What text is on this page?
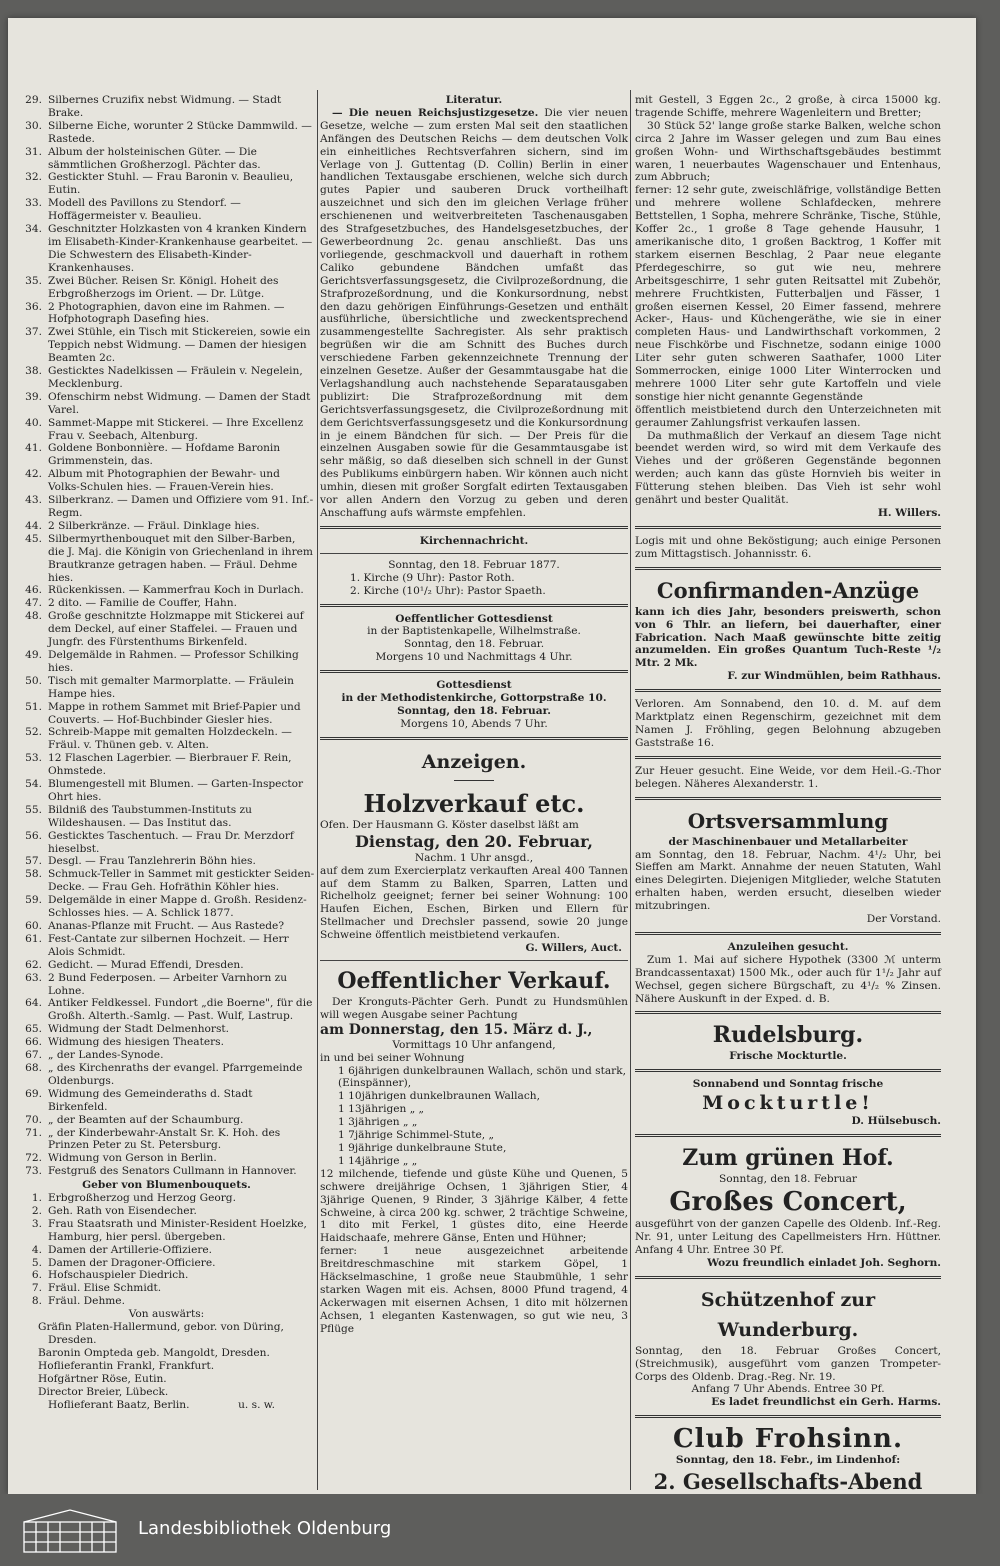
29. Silbernes Cruzifix nebst Widmung. — Stadt Brake.
30. Silberne Eiche, worunter 2 Stücke Dammwild. — Rastede.
31. Album der holsteinischen Güter. — Die sämmtlichen Großherzogl. Pächter das.
32. Gestickter Stuhl. — Frau Baronin v. Beaulieu, Eutin.
33. Modell des Pavillons zu Stendorf. — Hoffägermeister v. Beaulieu.
34. Geschnitzter Holzkasten von 4 kranken Kindern im Elisabeth-Kinder-Krankenhause gearbeitet. — Die Schwestern des Elisabeth-Kinder-Krankenhauses.
35. Zwei Bücher. Reisen Sr. Königl. Hoheit des Erbgroßherzogs im Orient. — Dr. Lütge.
36. 2 Photographien, davon eine im Rahmen. — Hofphotograph Dasefing hies.
37. Zwei Stühle, ein Tisch mit Stickereien, sowie ein Teppich nebst Widmung. — Damen der hiesigen Beamten 2c.
38. Gesticktes Nadelkissen — Fräulein v. Negelein, Mecklenburg.
39. Ofenschirm nebst Widmung. — Damen der Stadt Varel.
40. Sammet-Mappe mit Stickerei. — Ihre Excellenz Frau v. Seebach, Altenburg.
41. Goldene Bonbonnière. — Hofdame Baronin Grimmenstein, das.
42. Album mit Photographien der Bewahr- und Volks-Schulen hies. — Frauen-Verein hies.
43. Silberkranz. — Damen und Offiziere vom 91. Inf.-Regm.
44. 2 Silberkränze. — Fräul. Dinklage hies.
45. Silbermyrthenbouquet mit den Silber-Barben, die J. Maj. die Königin von Griechenland in ihrem Brautkranze getragen haben. — Fräul. Dehme hies.
46. Rückenkissen. — Kammerfrau Koch in Durlach.
47. 2 dito. — Familie de Couffer, Hahn.
48. Große geschnitzte Holzmappe mit Stickerei auf dem Deckel, auf einer Staffelei. — Frauen und Jungfr. des Fürstenthums Birkenfeld.
49. Delgemälde in Rahmen. — Professor Schilking hies.
50. Tisch mit gemalter Marmorplatte. — Fräulein Hampe hies.
51. Mappe in rothem Sammet mit Brief-Papier und Couverts. — Hof-Buchbinder Giesler hies.
52. Schreib-Mappe mit gemalten Holzdeckeln. — Fräul. v. Thünen geb. v. Alten.
53. 12 Flaschen Lagerbier. — Bierbrauer F. Rein, Ohmstede.
54. Blumengestell mit Blumen. — Garten-Inspector Ohrt hies.
55. Bildniß des Taubstummen-Instituts zu Wildeshausen. — Das Institut das.
56. Gesticktes Taschentuch. — Frau Dr. Merzdorf hieselbst.
57. Desgl. — Frau Tanzlehrerin Böhn hies.
58. Schmuck-Teller in Sammet mit gestickter Seiden-Decke. — Frau Geh. Hofräthin Köhler hies.
59. Delgemälde in einer Mappe d. Großh. Residenz-Schlosses hies. — A. Schlick 1877.
60. Ananas-Pflanze mit Frucht. — Aus Rastede?
61. Fest-Cantate zur silbernen Hochzeit. — Herr Alois Schmidt.
62. Gedicht. — Murad Effendi, Dresden.
63. 2 Bund Federposen. — Arbeiter Varnhorn zu Lohne.
64. Antiker Feldkessel. Fundort „die Boerne", für die Großh. Alterth.-Samlg. — Past. Wulf, Lastrup.
65. Widmung der Stadt Delmenhorst.
66. Widmung des hiesigen Theaters.
67. „ der Landes-Synode.
68. „ des Kirchenraths der evangel. Pfarrgemeinde Oldenburgs.
69. Widmung des Gemeinderaths d. Stadt Birkenfeld.
70. „ der Beamten auf der Schaumburg.
71. „ der Kinderbewahr-Anstalt Sr. K. Hoh. des Prinzen Peter zu St. Petersburg.
72. Widmung von Gerson in Berlin.
73. Festgruß des Senators Cullmann in Hannover.
Geber von Blumenbouquets.
1. Erbgroßherzog und Herzog Georg.
2. Geh. Rath von Eisendecher.
3. Frau Staatsrath und Minister-Resident Hoelzke, Hamburg, hier persl. übergeben.
4. Damen der Artillerie-Offiziere.
5. Damen der Dragoner-Officiere.
6. Hofschauspieler Diedrich.
7. Fräul. Elise Schmidt.
8. Fräul. Dehme.
Von auswärts:
Gräfin Platen-Hallermund, gebor. von Düring, Dresden.
Baronin Ompteda geb. Mangoldt, Dresden.
Hoflieferantin Frankl, Frankfurt.
Hofgärtner Röse, Eutin.
Director Breier, Lübeck.
Hoflieferant Baatz, Berlin.	u. s. w.
Literatur.

— Die neuen Reichsjustizgesetze. Die vier neuen Gesetze, welche — zum ersten Mal seit den staatlichen Anfängen des Deutschen Reichs — dem deutschen Volk ein einheitliches Rechtsverfahren sichern, sind im Verlage von J. Guttentag (D. Collin) Berlin in einer handlichen Textausgabe erschienen, welche sich durch gutes Papier und sauberen Druck vortheilhaft auszeichnet und sich den im gleichen Verlage früher erschienenen und weitverbreiteten Taschenausgaben des Strafgesetzbuches, des Handelsgesetzbuches, der Gewerbeordnung 2c. genau anschließt. Das uns vorliegende, geschmackvoll und dauerhaft in rothem Caliko gebundene Bändchen umfaßt das Gerichtsverfassungsgesetz, die Civilprozeßordnung, die Strafprozeßordnung, und die Konkursordnung, nebst den dazu gehörigen Einführungs-Gesetzen und enthält ausführliche, übersichtliche und zweckentsprechend zusammengestellte Sachregister. Als sehr praktisch begrüßen wir die am Schnitt des Buches durch verschiedene Farben gekennzeichnete Trennung der einzelnen Gesetze. Außer der Gesammtausgabe hat die Verlagshandlung auch nachstehende Separatausgaben publizirt: Die Strafprozeßordnung mit dem Gerichtsverfassungsgesetz, die Civilprozeßordnung mit dem Gerichtsverfassungsgesetz und die Konkursordnung in je einem Bändchen für sich. — Der Preis für die einzelnen Ausgaben sowie für die Gesammtausgabe ist sehr mäßig, so daß dieselben sich schnell in der Gunst des Publikums einbürgern haben. Wir können auch nicht umhin, diesen mit großer Sorgfalt edirten Textausgaben vor allen Andern den Vorzug zu geben und deren Anschaffung aufs wärmste empfehlen.

Kirchennachricht.
Sonntag, den 18. Februar 1877.
1. Kirche (9 Uhr): Pastor Roth.
2. Kirche (10¹/₂ Uhr): Pastor Spaeth.
Oeffentlicher Gottesdienst
in der Baptistenkapelle, Wilhelmstraße.
Sonntag, den 18. Februar.
Morgens 10 und Nachmittags 4 Uhr.
Gottesdienst
in der Methodistenkirche, Gottorpstraße 10.
Sonntag, den 18. Februar.
Morgens 10, Abends 7 Uhr.
Anzeigen.
Holzverkauf etc.

Ofen. Der Hausmann G. Köster daselbst läßt am

Dienstag, den 20. Februar,
Nachm. 1 Uhr ansgd.,

auf dem zum Exercierplatz verkauften Areal 400 Tannen auf dem Stamm zu Balken, Sparren, Latten und Richelholz geeignet; ferner bei seiner Wohnung: 100 Haufen Eichen, Eschen, Birken und Ellern für Stellmacher und Drechsler passend, sowie 20 junge Schweine öffentlich meistbietend verkaufen.

G. Willers, Auct.
Oeffentlicher Verkauf.

Der Kronguts-Pächter Gerh. Pundt zu Hundsmühlen will wegen Ausgabe seiner Pachtung

am Donnerstag, den 15. März d. J.,
Vormittags 10 Uhr anfangend,
in und bei seiner Wohnung
1 6jährigen dunkelbraunen Wallach, schön und stark, (Einspänner),
1 10jährigen dunkelbraunen Wallach,
1 13jährigen „ „
1 3jährigen „ „
1 7jährige Schimmel-Stute, „
1 9jährige dunkelbraune Stute,
1 14jährige „ „

12 milchende, tiefende und güste Kühe und Quenen, 5 schwere dreijährige Ochsen, 1 3jährigen Stier, 4 3jährige Quenen, 9 Rinder, 3 3jährige Kälber, 4 fette Schweine, à circa 200 kg. schwer, 2 trächtige Schweine, 1 dito mit Ferkel, 1 güstes dito, eine Heerde Haidschaafe, mehrere Gänse, Enten und Hühner;

ferner: 1 neue ausgezeichnet arbeitende Breitdreschmaschine mit starkem Göpel, 1 Häckselmaschine, 1 große neue Staubmühle, 1 sehr starken Wagen mit eis. Achsen, 8000 Pfund tragend, 4 Ackerwagen mit eisernen Achsen, 1 dito mit hölzernen Achsen, 1 eleganten Kastenwagen, so gut wie neu, 3 Pflüge

mit Gestell, 3 Eggen 2c., 2 große, à circa 15000 kg. tragende Schiffe, mehrere Wagenleitern und Bretter;

30 Stück 52' lange große starke Balken, welche schon circa 2 Jahre im Wasser gelegen und zum Bau eines großen Wohn- und Wirthschaftsgebäudes bestimmt waren, 1 neuerbautes Wagenschauer und Entenhaus, zum Abbruch;

ferner: 12 sehr gute, zweischläfrige, vollständige Betten und mehrere wollene Schlafdecken, mehrere Bettstellen, 1 Sopha, mehrere Schränke, Tische, Stühle, Koffer 2c., 1 große 8 Tage gehende Hausuhr, 1 amerikanische dito, 1 großen Backtrog, 1 Koffer mit starkem eisernen Beschlag, 2 Paar neue elegante Pferdegeschirre, so gut wie neu, mehrere Arbeitsgeschirre, 1 sehr guten Reitsattel mit Zubehör, mehrere Fruchtkisten, Futterbaljen und Fässer, 1 großen eisernen Kessel, 20 Eimer fassend, mehrere Acker-, Haus- und Küchengeräthe, wie sie in einer completen Haus- und Landwirthschaft vorkommen, 2 neue Fischkörbe und Fischnetze, sodann einige 1000 Liter sehr guten schweren Saathafer, 1000 Liter Sommerrocken, einige 1000 Liter Winterrocken und mehrere 1000 Liter sehr gute Kartoffeln und viele sonstige hier nicht genannte Gegenstände

öffentlich meistbietend durch den Unterzeichneten mit geraumer Zahlungsfrist verkaufen lassen.

Da muthmaßlich der Verkauf an diesem Tage nicht beendet werden wird, so wird mit dem Verkaufe des Viehes und der größeren Gegenstände begonnen werden; auch kann das güste Hornvieh bis weiter in Fütterung stehen bleiben. Das Vieh ist sehr wohl genährt und bester Qualität.

H. Willers.

Logis mit und ohne Beköstigung; auch einige Personen zum Mittagstisch. Johannisstr. 6.

Confirmanden-Anzüge

kann ich dies Jahr, besonders preiswerth, schon von 6 Thlr. an liefern, bei dauerhafter, einer Fabrication. Nach Maaß gewünschte bitte zeitig anzumelden. Ein großes Quantum Tuch-Reste ¹/₂ Mtr. 2 Mk.

F. zur Windmühlen, beim Rathhaus.

Verloren. Am Sonnabend, den 10. d. M. auf dem Marktplatz einen Regenschirm, gezeichnet mit dem Namen J. Fröhling, gegen Belohnung abzugeben Gaststraße 16.

Zur Heuer gesucht. Eine Weide, vor dem Heil.-G.-Thor belegen. Näheres Alexanderstr. 1.

Ortsversammlung
der Maschinenbauer und Metallarbeiter

am Sonntag, den 18. Februar, Nachm. 4¹/₂ Uhr, bei Sieffen am Markt. Annahme der neuen Statuten, Wahl eines Delegirten. Diejenigen Mitglieder, welche Statuten erhalten haben, werden ersucht, dieselben wieder mitzubringen.

Der Vorstand.
Anzuleihen gesucht.

Zum 1. Mai auf sichere Hypothek (3300 ℳ unterm Brandcassentaxat) 1500 Mk., oder auch für 1¹/₂ Jahr auf Wechsel, gegen sichere Bürgschaft, zu 4¹/₂ % Zinsen. Nähere Auskunft in der Exped. d. B.

Rudelsburg.
Frische Mockturtle.
Sonnabend und Sonntag frische
Mockturtle!
D. Hülsebusch.
Zum grünen Hof.
Sonntag, den 18. Februar
Großes Concert,

ausgeführt von der ganzen Capelle des Oldenb. Inf.-Reg. Nr. 91, unter Leitung des Capellmeisters Hrn. Hüttner. Anfang 4 Uhr. Entree 30 Pf.

Wozu freundlich einladet Joh. Seghorn.
Schützenhof zur Wunderburg.

Sonntag, den 18. Februar Großes Concert, (Streichmusik), ausgeführt vom ganzen Trompeter-Corps des Oldenb. Drag.-Reg. Nr. 19.

Anfang 7 Uhr Abends. Entree 30 Pf.
Es ladet freundlichst ein Gerh. Harms.
Club Frohsinn.
Sonntag, den 18. Febr., im Lindenhof:
2. Gesellschafts-Abend

Landesbibliothek Oldenburg
